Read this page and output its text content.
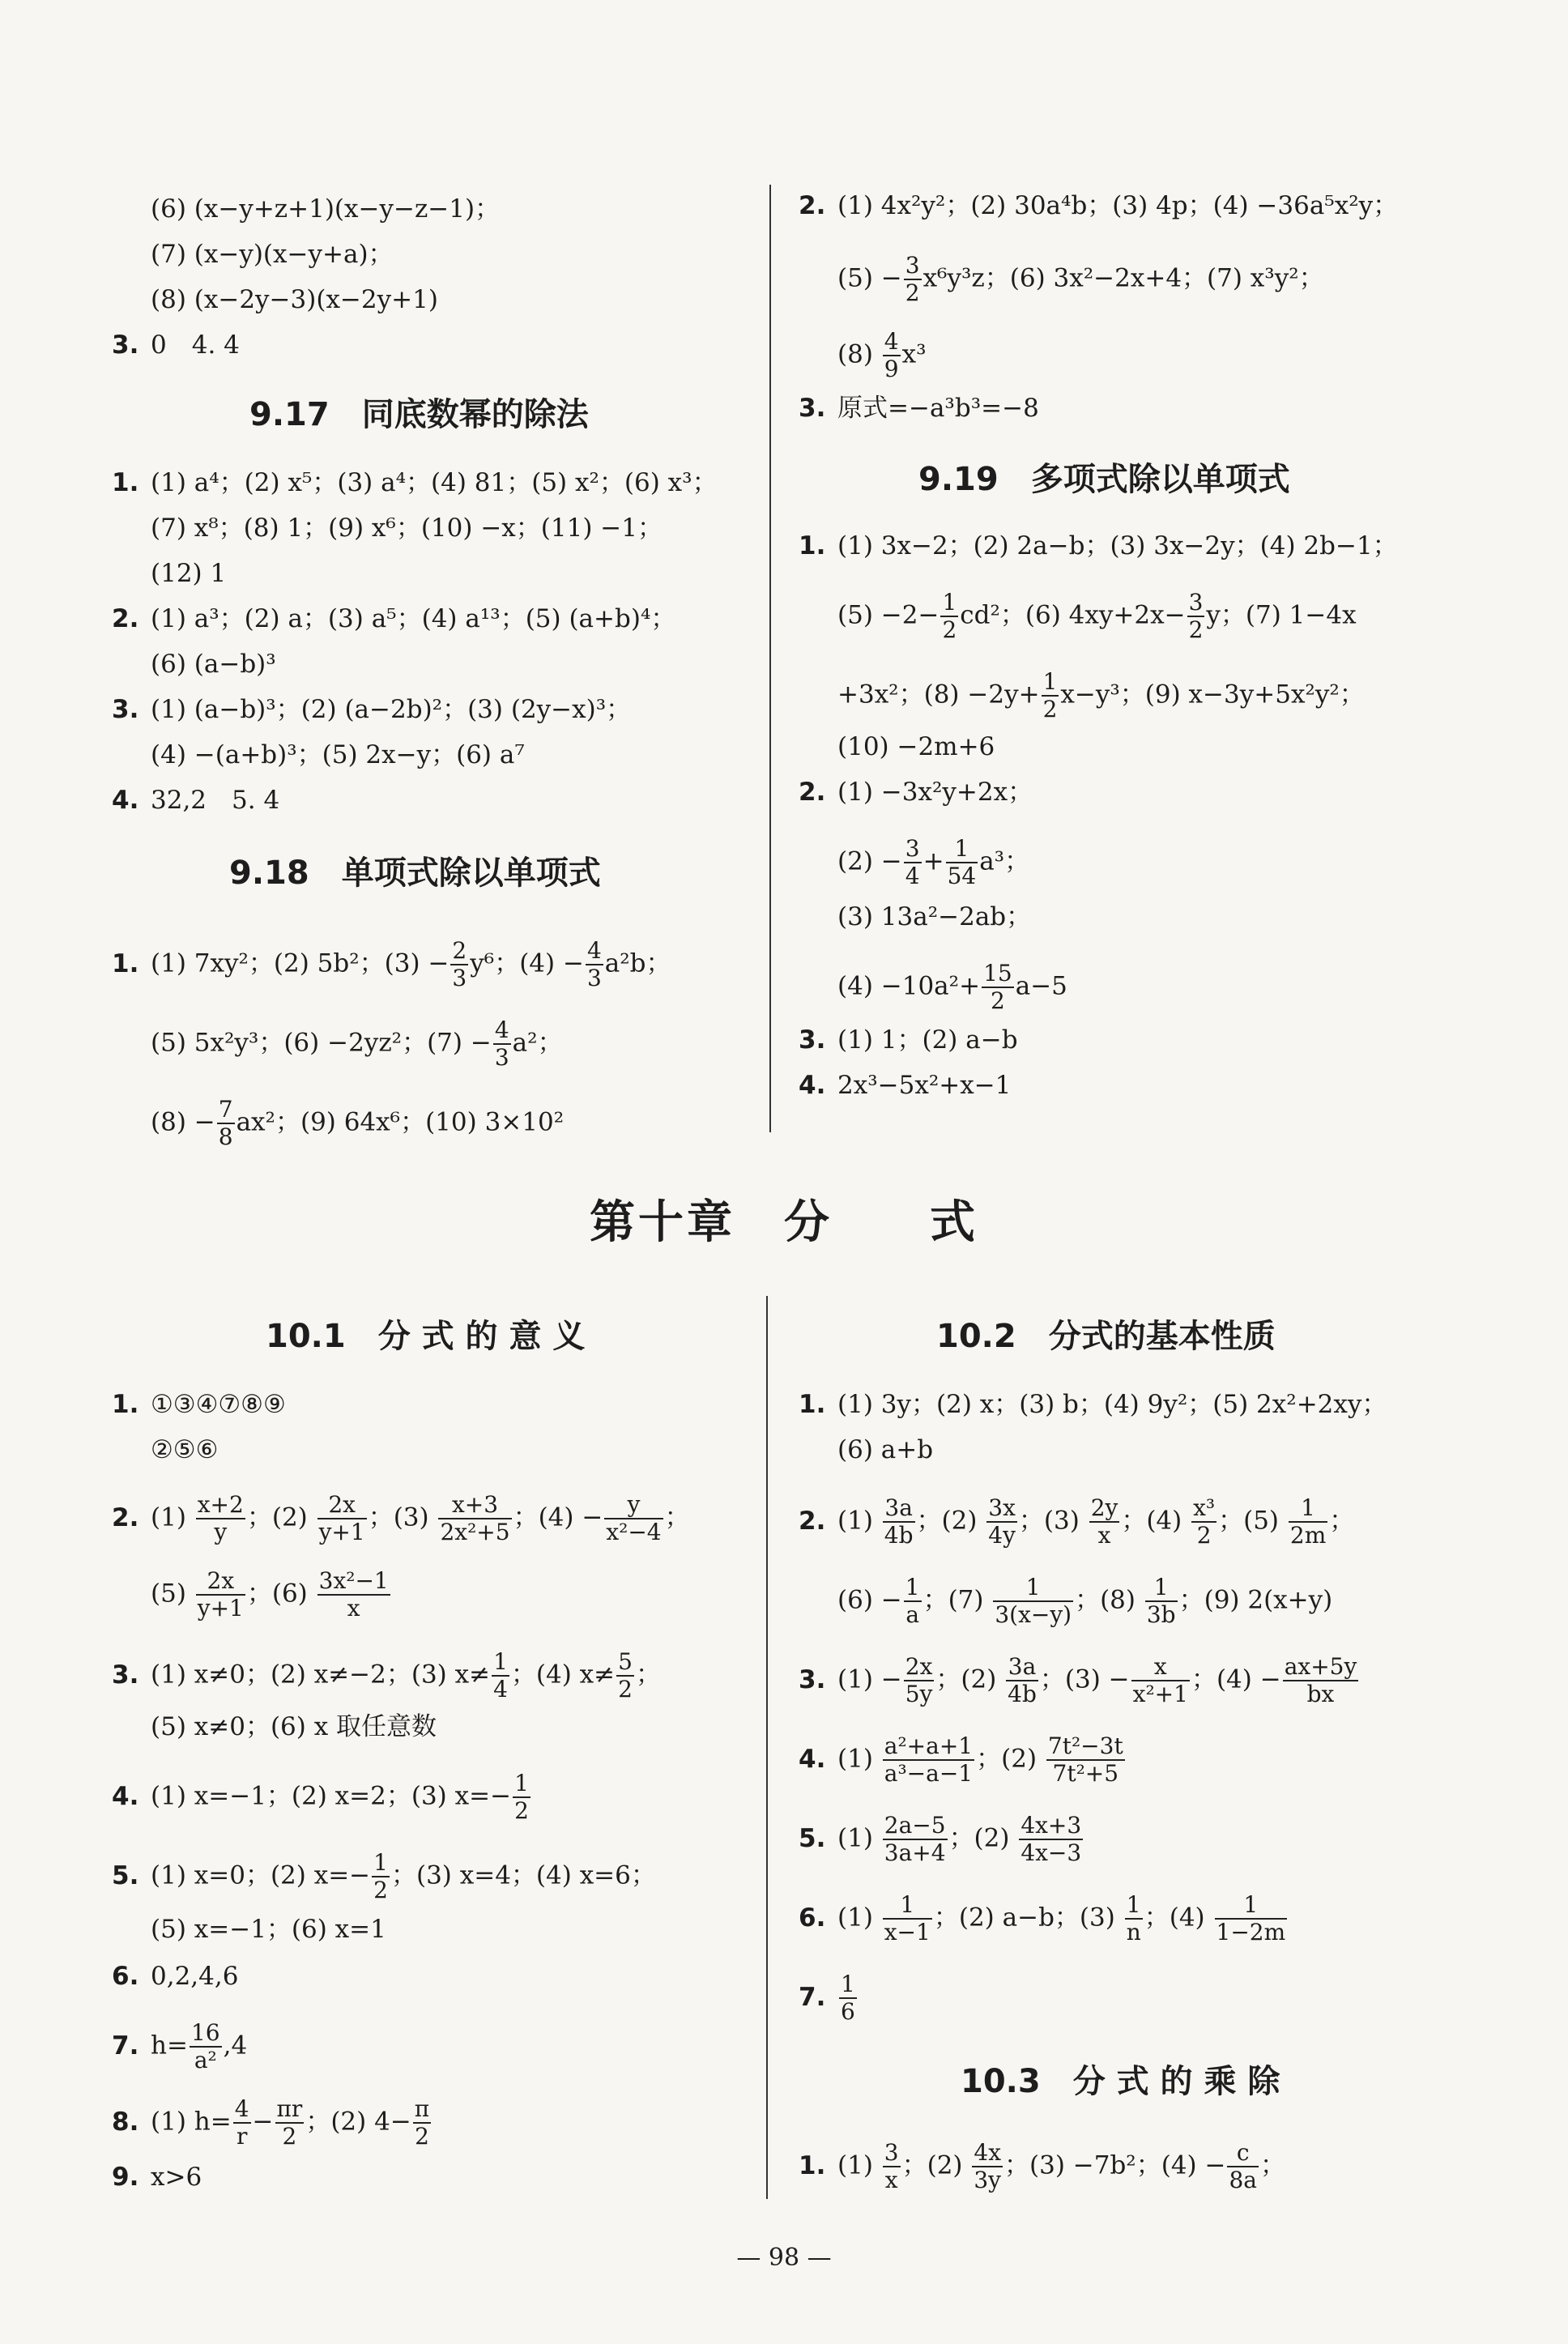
(6) (x−y+z+1)(x−y−z−1)；
(7) (x−y)(x−y+a)；
(8) (x−2y−3)(x−2y+1)
3. 0　4. 4
9.17　同底数幂的除法
1. (1) a⁴；(2) x⁵；(3) a⁴；(4) 81；(5) x²；(6) x³；
(7) x⁸；(8) 1；(9) x⁶；(10) −x；(11) −1；
(12) 1
2. (1) a³；(2) a；(3) a⁵；(4) a¹³；(5) (a+b)⁴；
(6) (a−b)³
3. (1) (a−b)³；(2) (a−2b)²；(3) (2y−x)³；
(4) −(a+b)³；(5) 2x−y；(6) a⁷
4. 32,2　5. 4
9.18　单项式除以单项式
1. (1) 7xy²；(2) 5b²；$(3) - \frac{2}{3} y^6$；$(4) - \frac{4}{3} a^2b$；
(5) 5x²y³；(6) −2yz²；$(7) - \frac{4}{3} a^2$；
$(8) - \frac{7}{8} ax^2$；(9) 64x⁶；(10) 3×10²
2. (1) 4x²y²；(2) 30a⁴b；(3) 4p；(4) −36a⁵x²y；
$(5) - \frac{3}{2} x^6y^3z$；(6) 3x²−2x+4；(7) x³y²；
$(8) \frac{4}{9} x^3$
3. 原式=−a³b³=−8
9.19　多项式除以单项式
1. (1) 3x−2；(2) 2a−b；(3) 3x−2y；(4) 2b−1；
$(5) -2- \frac{1}{2} cd^2$；(6) $4xy+2x- \frac{3}{2}$ y；(7) 1−4x
+3x²；$(8) -2y+ \frac{1}{2} x-y^3$；(9) x−3y+5x²y²；
(10) −2m+6
2. (1) −3x²y+2x；
$(2) - \frac{3}{4} + \frac{1}{54} a^3$；
(3) 13a²−2ab；
$(4) -10a^2+ \frac{15}{2} a-5$
3. (1) 1；(2) a−b
4. 2x³−5x²+x−1
第十章　分　　式
10.1　分 式 的 意 义
1. ①③④⑦⑧⑨
②⑤⑥
2. $(1) \frac{x+2}{y}$ ；$(2) \frac{2x}{y+1}$ ；$(3) \frac{x+3}{\text{2x²+5}}$ ；$(4) - \frac{y}{\text{x²−4}}$ ；
$(5) \frac{2x}{y+1}$ ；$(6) \frac{\text{3x²−1}}{x}$
3. (1) x≠0；(2) x≠−2；(3) $x\ne \frac{1}{4}$ ；(4) $x\ne \frac{5}{2}$ ；
(5) x≠0；(6) x 取任意数
4. (1) x=−1；(2) x=2；(3) $x=- \frac{1}{2}$
5. (1) x=0；(2) $x=- \frac{1}{2}$ ；(3) x=4；(4) x=6；
(5) x=−1；(6) x=1
6. 0,2,4,6
7. $h= \frac{16}{\text{a²}} ,4$
8. (1) $h= \frac{4}{r} - \frac{\pi r}{2}$ ；(2) $4- \frac{\pi}{2}$
9. x>6
10.2　分式的基本性质
1. (1) 3y；(2) x；(3) b；(4) 9y²；(5) 2x²+2xy；
(6) a+b
2. $(1) \frac{3a}{4b}$ ；$(2) \frac{3x}{4y}$ ；$(3) \frac{2y}{x}$ ；$(4) \frac{\text{x³}}{2}$ ；$(5) \frac{1}{2m}$ ；
$(6) - \frac{1}{a}$ ；$(7) \frac{1}{3(x-y)}$ ；$(8) \frac{1}{3b}$ ；(9) 2(x+y)
3. $(1) - \frac{2x}{5y}$ ；$(2) \frac{3a}{4b}$ ；$(3) - \frac{x}{\text{x²+1}}$ ；$(4) - \frac{ax+5y}{bx}$
4. $(1) \frac{\text{a²+a+1}}{\text{a³−a−1}}$ ；$(2) \frac{\text{7t²−3t}}{\text{7t²+5}}$
5. $(1) \frac{2a-5}{3a+4}$ ；$(2) \frac{4x+3}{4x-3}$
6. $(1) \frac{1}{x-1}$ ；(2) a−b；$(3) \frac{1}{n}$ ；$(4) \frac{1}{1-2m}$
7. $\frac{1}{6}$
10.3　分 式 的 乘 除
1. $(1) \frac{3}{x}$ ；$(2) \frac{4x}{3y}$ ；(3) −7b²；$(4) - \frac{c}{8a}$ ；
— 98 —
